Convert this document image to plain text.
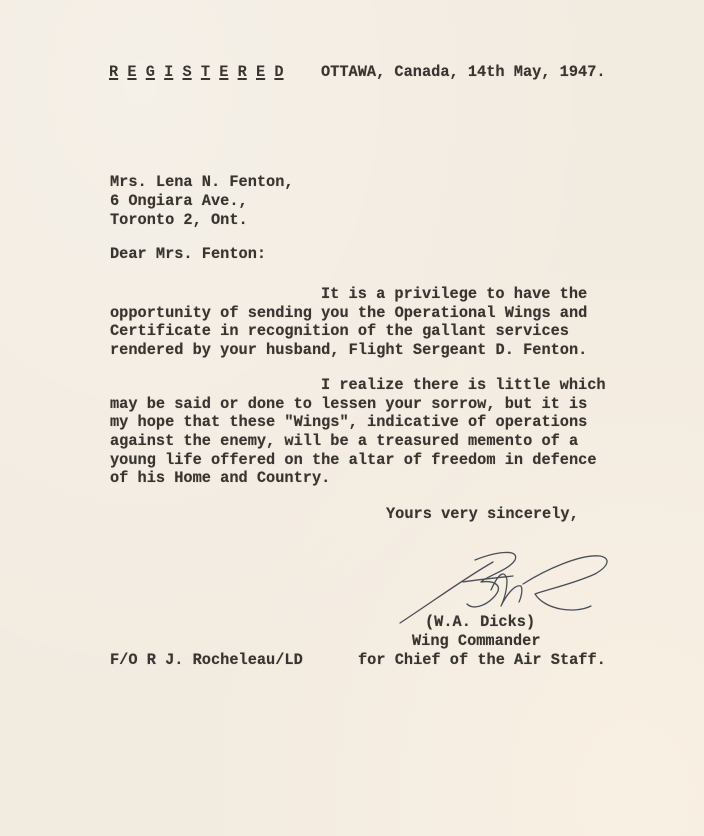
R E G I S T E R E D OTTAWA, Canada, 14th May, 1947.
Mrs. Lena N. Fenton,
6 Ongiara Ave.,
Toronto 2, Ont.
Dear Mrs. Fenton:
It is a privilege to have the
opportunity of sending you the Operational Wings and
Certificate in recognition of the gallant services
rendered by your husband, Flight Sergeant D. Fenton.
I realize there is little which
may be said or done to lessen your sorrow, but it is
my hope that these "Wings", indicative of operations
against the enemy, will be a treasured memento of a
young life offered on the altar of freedom in defence
of his Home and Country.
Yours very sincerely,
(W.A. Dicks)
Wing Commander
for Chief of the Air Staff.
F/O R J. Rocheleau/LD
